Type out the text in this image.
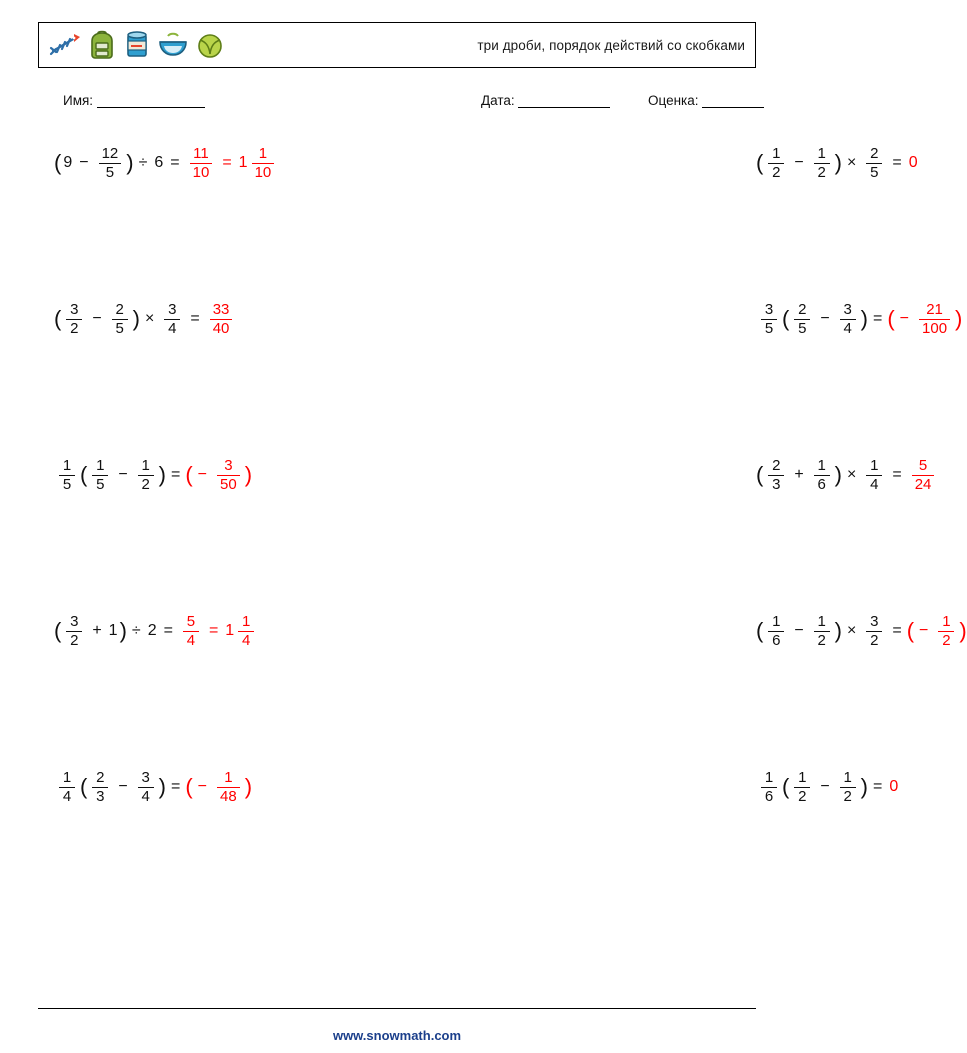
три дроби, порядок действий со скобками
Имя:	Дата:	Оценка:
( $9 - \frac{12}{5}$ ) ÷ $6 = \frac{11}{10} = 1 \frac{1}{10}$	( $\frac{1}{2} - \frac{1}{2}$ ) × $\frac{2}{5} = 0$
( $\frac{3}{2} - \frac{2}{5}$ ) × $\frac{3}{4} = \frac{33}{40}$	$\frac{3}{5}$ ( $\frac{2}{5} - \frac{3}{4}$ ) = ( − $\frac{21}{100}$ )
$\frac{1}{5}$ ( $\frac{1}{5} - \frac{1}{2}$ ) = ( − $\frac{3}{50}$ )	( $\frac{2}{3} + \frac{1}{6}$ ) × $\frac{1}{4} = \frac{5}{24}$
( $\frac{3}{2} + 1$ ) ÷ $2 = \frac{5}{4} = 1 \frac{1}{4}$	( $\frac{1}{6} - \frac{1}{2}$ ) × $\frac{3}{2}$ = ( − $\frac{1}{2}$ )
$\frac{1}{4}$ ( $\frac{2}{3} - \frac{3}{4}$ ) = ( − $\frac{1}{48}$ )	$\frac{1}{6}$ ( $\frac{1}{2} - \frac{1}{2}$ ) = 0
www.snowmath.com
